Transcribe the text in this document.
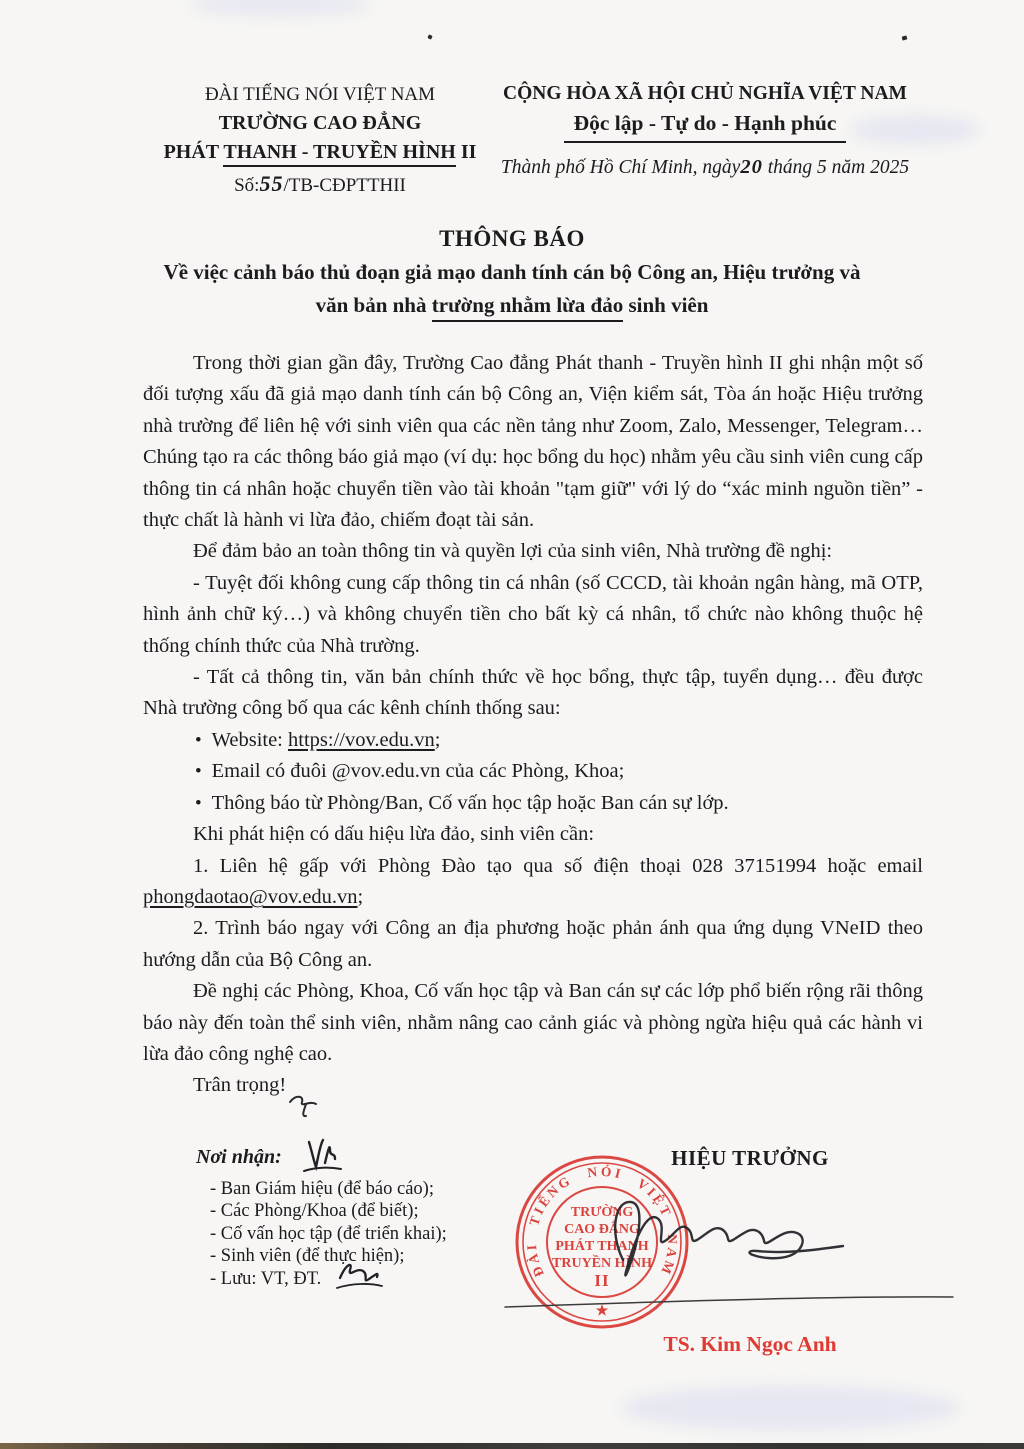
ĐÀI TIẾNG NÓI VIỆT NAM
TRƯỜNG CAO ĐẲNG
PHÁT THANH - TRUYỀN HÌNH II
Số:55/TB-CĐPTTHII
CỘNG HÒA XÃ HỘI CHỦ NGHĨA VIỆT NAM
Độc lập - Tự do - Hạnh phúc
Thành phố Hồ Chí Minh, ngày20 tháng 5 năm 2025
THÔNG BÁO
Về việc cảnh báo thủ đoạn giả mạo danh tính cán bộ Công an, Hiệu trưởng và
văn bản nhà trường nhằm lừa đảo sinh viên

Trong thời gian gần đây, Trường Cao đẳng Phát thanh - Truyền hình II ghi nhận một số đối tượng xấu đã giả mạo danh tính cán bộ Công an, Viện kiểm sát, Tòa án hoặc Hiệu trưởng nhà trường để liên hệ với sinh viên qua các nền tảng như Zoom, Zalo, Messenger, Telegram… Chúng tạo ra các thông báo giả mạo (ví dụ: học bổng du học) nhằm yêu cầu sinh viên cung cấp thông tin cá nhân hoặc chuyển tiền vào tài khoản "tạm giữ" với lý do “xác minh nguồn tiền” - thực chất là hành vi lừa đảo, chiếm đoạt tài sản.

Để đảm bảo an toàn thông tin và quyền lợi của sinh viên, Nhà trường đề nghị:

- Tuyệt đối không cung cấp thông tin cá nhân (số CCCD, tài khoản ngân hàng, mã OTP, hình ảnh chữ ký…) và không chuyển tiền cho bất kỳ cá nhân, tổ chức nào không thuộc hệ thống chính thức của Nhà trường.

- Tất cả thông tin, văn bản chính thức về học bổng, thực tập, tuyển dụng… đều được Nhà trường công bố qua các kênh chính thống sau:

• Website: https://vov.edu.vn;

• Email có đuôi @vov.edu.vn của các Phòng, Khoa;

• Thông báo từ Phòng/Ban, Cố vấn học tập hoặc Ban cán sự lớp.

Khi phát hiện có dấu hiệu lừa đảo, sinh viên cần:

1. Liên hệ gấp với Phòng Đào tạo qua số điện thoại 028 37151994 hoặc email phongdaotao@vov.edu.vn;

2. Trình báo ngay với Công an địa phương hoặc phản ánh qua ứng dụng VNeID theo hướng dẫn của Bộ Công an.

Đề nghị các Phòng, Khoa, Cố vấn học tập và Ban cán sự các lớp phổ biến rộng rãi thông báo này đến toàn thể sinh viên, nhằm nâng cao cảnh giác và phòng ngừa hiệu quả các hành vi lừa đảo công nghệ cao.

Trân trọng!

Nơi nhận:
- Ban Giám hiệu (để báo cáo);
- Các Phòng/Khoa (để biết);
- Cố vấn học tập (để triển khai);
- Sinh viên (để thực hiện);
- Lưu: VT, ĐT.
HIỆU TRƯỞNG
TS. Kim Ngọc Anh
ĐÀI TIẾNG NÓI VIỆT NAM
TRƯỜNG
CAO ĐẲNG
PHÁT THANH
TRUYỀN HÌNH
II
★
